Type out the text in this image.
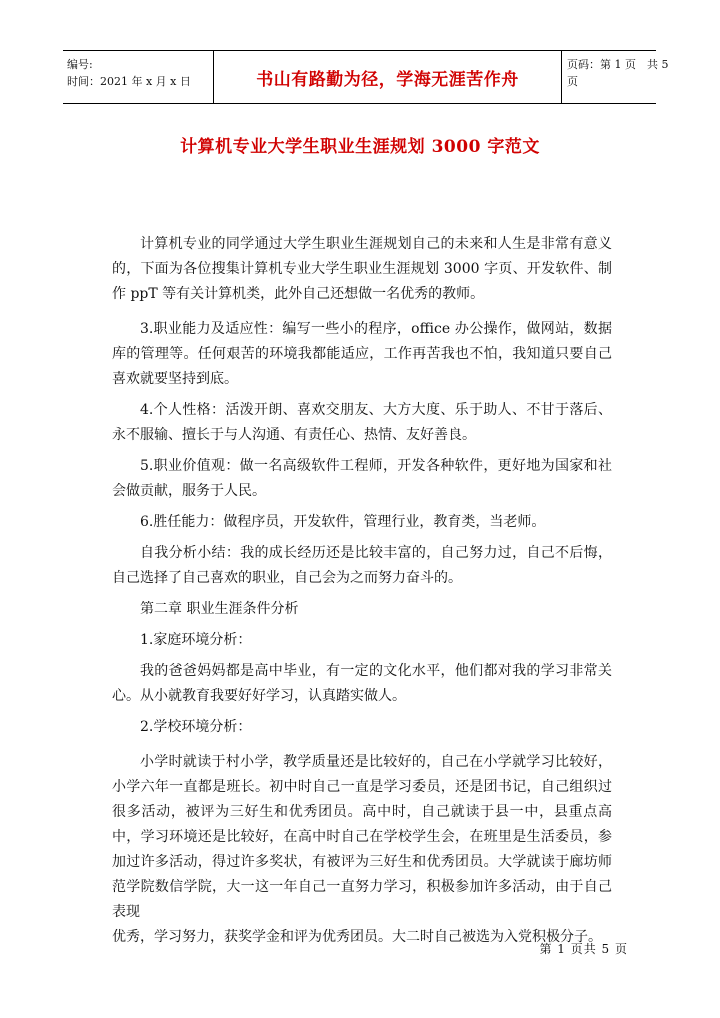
编号:
时间：2021 年 x 月 x 日	书山有路勤为径，学海无涯苦作舟
页码：第 1 页　共 5
页
计算机专业大学生职业生涯规划 3000 字范文

计算机专业的同学通过大学生职业生涯规划自己的未来和人生是非常有意义的，下面为各位搜集计算机专业大学生职业生涯规划 3000 字页、开发软件、制作 ppT 等有关计算机类，此外自己还想做一名优秀的教师。

3.职业能力及适应性：编写一些小的程序，office 办公操作，做网站，数据库的管理等。任何艰苦的环境我都能适应，工作再苦我也不怕，我知道只要自己喜欢就要坚持到底。

4.个人性格：活泼开朗、喜欢交朋友、大方大度、乐于助人、不甘于落后、永不服输、擅长于与人沟通、有责任心、热情、友好善良。

5.职业价值观：做一名高级软件工程师，开发各种软件，更好地为国家和社会做贡献，服务于人民。

6.胜任能力：做程序员，开发软件，管理行业，教育类，当老师。

自我分析小结：我的成长经历还是比较丰富的，自己努力过，自己不后悔，自己选择了自己喜欢的职业，自己会为之而努力奋斗的。

第二章 职业生涯条件分析

1.家庭环境分析：

我的爸爸妈妈都是高中毕业，有一定的文化水平，他们都对我的学习非常关心。从小就教育我要好好学习，认真踏实做人。

2.学校环境分析：

小学时就读于村小学，教学质量还是比较好的，自己在小学就学习比较好，小学六年一直都是班长。初中时自己一直是学习委员，还是团书记，自己组织过很多活动，被评为三好生和优秀团员。高中时，自己就读于县一中，县重点高中，学习环境还是比较好，在高中时自己在学校学生会，在班里是生活委员，参加过许多活动，得过许多奖状，有被评为三好生和优秀团员。大学就读于廊坊师范学院数信学院，大一这一年自己一直努力学习，积极参加许多活动，由于自己表现

优秀，学习努力，获奖学金和评为优秀团员。大二时自己被选为入党积极分子。

第 1 页共 5 页
